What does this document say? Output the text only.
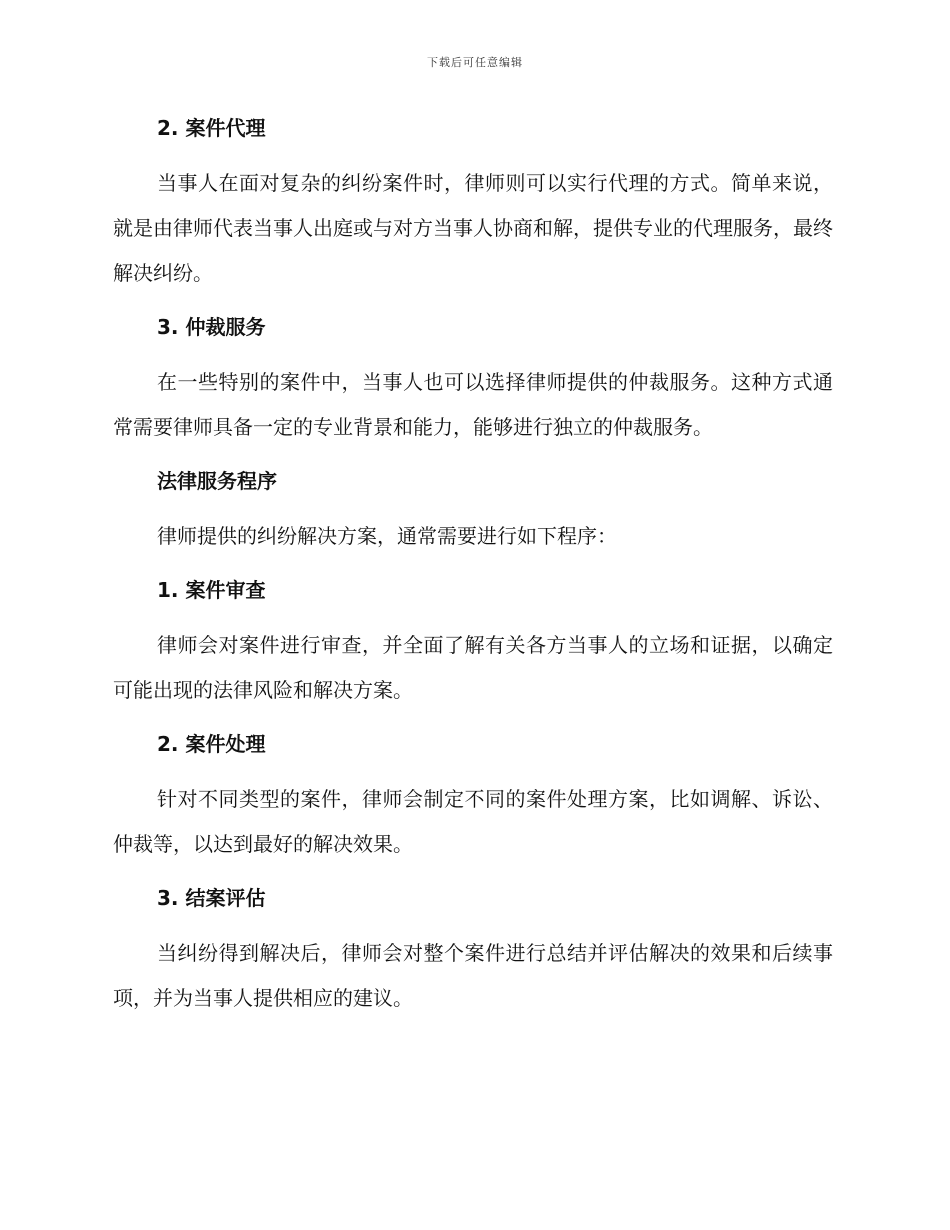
下载后可任意编辑
2. 案件代理

当事人在面对复杂的纠纷案件时，律师则可以实行代理的方式。简单来说，就是由律师代表当事人出庭或与对方当事人协商和解，提供专业的代理服务，最终解决纠纷。

3. 仲裁服务

在一些特别的案件中，当事人也可以选择律师提供的仲裁服务。这种方式通常需要律师具备一定的专业背景和能力，能够进行独立的仲裁服务。

法律服务程序

律师提供的纠纷解决方案，通常需要进行如下程序：

1. 案件审查

律师会对案件进行审查，并全面了解有关各方当事人的立场和证据，以确定可能出现的法律风险和解决方案。

2. 案件处理

针对不同类型的案件，律师会制定不同的案件处理方案，比如调解、诉讼、仲裁等，以达到最好的解决效果。

3. 结案评估

当纠纷得到解决后，律师会对整个案件进行总结并评估解决的效果和后续事项，并为当事人提供相应的建议。
